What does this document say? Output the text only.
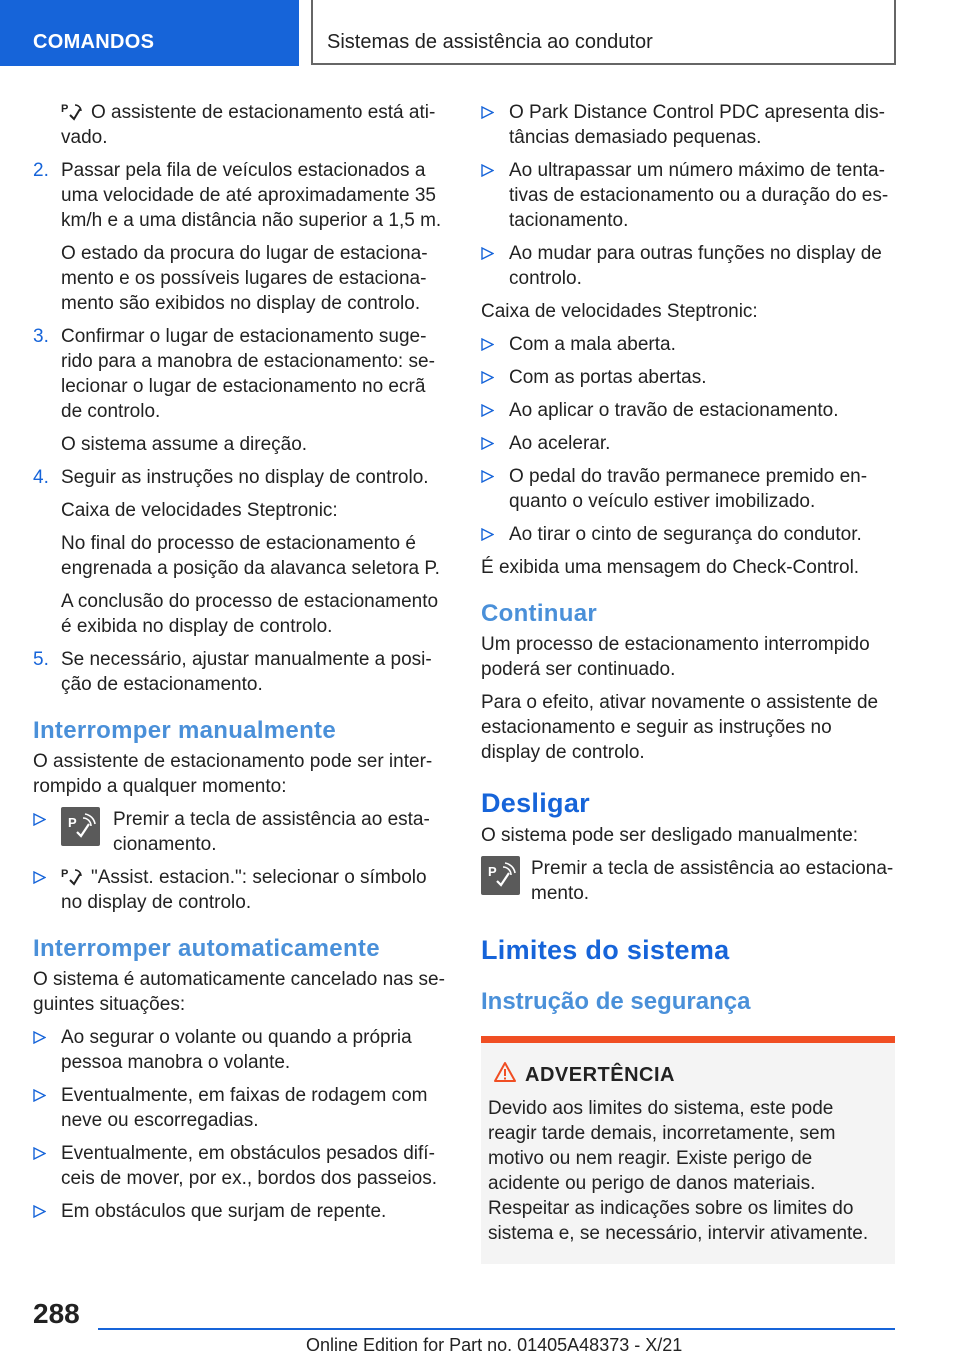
COMANDOS	Sistemas de assistência ao condutor

P O assistente de estacionamento está ativado.

2. Passar pela fila de veículos estacionados a uma velocidade de até aproximadamente 35 km/h e a uma distância não superior a 1,5 m.
O estado da procura do lugar de estacionamento e os possíveis lugares de estacionamento são exibidos no display de controlo.
3. Confirmar o lugar de estacionamento sugerido para a manobra de estacionamento: selecionar o lugar de estacionamento no ecrã de controlo.
O sistema assume a direção.
4. Seguir as instruções no display de controlo.
Caixa de velocidades Steptronic:
No final do processo de estacionamento é engrenada a posição da alavanca seletora P.
A conclusão do processo de estacionamento é exibida no display de controlo.
5. Se necessário, ajustar manualmente a posição de estacionamento.
Interromper manualmente

O assistente de estacionamento pode ser interrompido a qualquer momento:

P Premir a tecla de assistência ao estacionamento.
P "Assist. estacion.": selecionar o símbolo no display de controlo.
Interromper automaticamente

O sistema é automaticamente cancelado nas seguintes situações:

Ao segurar o volante ou quando a própria pessoa manobra o volante.
Eventualmente, em faixas de rodagem com neve ou escorregadias.
Eventualmente, em obstáculos pesados difíceis de mover, por ex., bordos dos passeios.
Em obstáculos que surjam de repente.
O Park Distance Control PDC apresenta distâncias demasiado pequenas.
Ao ultrapassar um número máximo de tentativas de estacionamento ou a duração do estacionamento.
Ao mudar para outras funções no display de controlo.

Caixa de velocidades Steptronic:

Com a mala aberta.
Com as portas abertas.
Ao aplicar o travão de estacionamento.
Ao acelerar.
O pedal do travão permanece premido enquanto o veículo estiver imobilizado.
Ao tirar o cinto de segurança do condutor.

É exibida uma mensagem do Check-Control.

Continuar

Um processo de estacionamento interrompido poderá ser continuado.

Para o efeito, ativar novamente o assistente de estacionamento e seguir as instruções no display de controlo.

Desligar

O sistema pode ser desligado manualmente:

P Premir a tecla de assistência ao estacionamento.
Limites do sistema
Instrução de segurança
ADVERTÊNCIA
Devido aos limites do sistema, este pode reagir tarde demais, incorretamente, sem motivo ou nem reagir. Existe perigo de acidente ou perigo de danos materiais. Respeitar as indicações sobre os limites do sistema e, se necessário, intervir ativamente.
288
Online Edition for Part no. 01405A48373 - X/21
